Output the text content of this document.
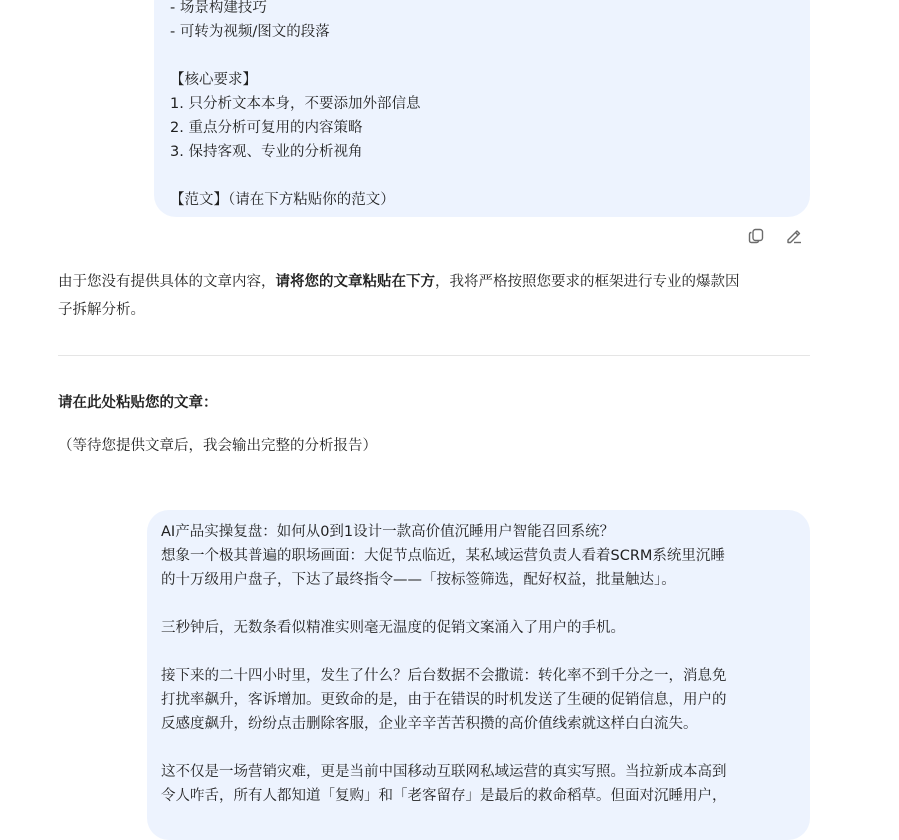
- 场景构建技巧
- 可转为视频/图文的段落
【核心要求】
1. 只分析文本本身，不要添加外部信息
2. 重点分析可复用的内容策略
3. 保持客观、专业的分析视角
【范文】（请在下方粘贴你的范文）
由于您没有提供具体的文章内容，请将您的文章粘贴在下方，我将严格按照您要求的框架进行专业的爆款因
子拆解分析。
请在此处粘贴您的文章：
（等待您提供文章后，我会输出完整的分析报告）
AI产品实操复盘：如何从0到1设计一款高价值沉睡用户智能召回系统？
想象一个极其普遍的职场画面：大促节点临近，某私域运营负责人看着SCRM系统里沉睡
的十万级用户盘子，下达了最终指令——「按标签筛选，配好权益，批量触达」。
三秒钟后，无数条看似精准实则毫无温度的促销文案涌入了用户的手机。
接下来的二十四小时里，发生了什么？后台数据不会撒谎：转化率不到千分之一，消息免
打扰率飙升，客诉增加。更致命的是，由于在错误的时机发送了生硬的促销信息，用户的
反感度飙升，纷纷点击删除客服，企业辛辛苦苦积攒的高价值线索就这样白白流失。
这不仅是一场营销灾难，更是当前中国移动互联网私域运营的真实写照。当拉新成本高到
令人咋舌，所有人都知道「复购」和「老客留存」是最后的救命稻草。但面对沉睡用户，
